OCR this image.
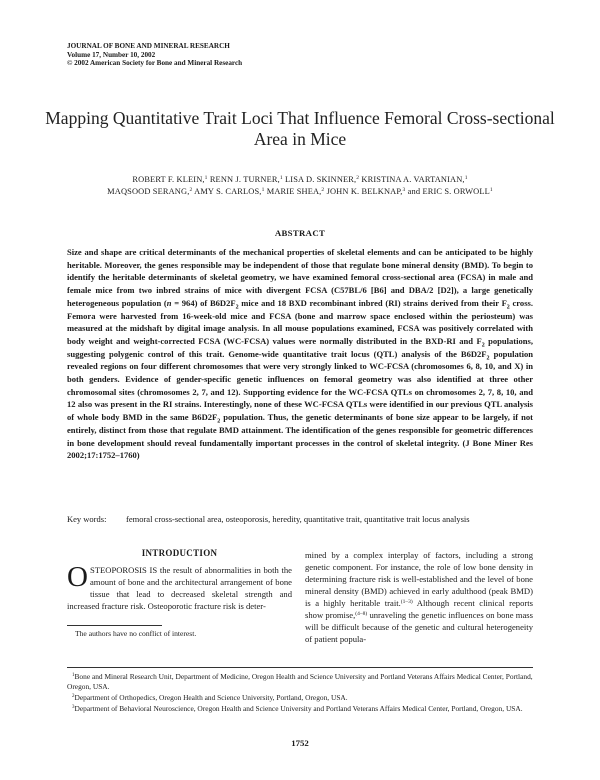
JOURNAL OF BONE AND MINERAL RESEARCH
Volume 17, Number 10, 2002
© 2002 American Society for Bone and Mineral Research
Mapping Quantitative Trait Loci That Influence Femoral Cross-sectional Area in Mice
ROBERT F. KLEIN,$^1$ RENN J. TURNER,$^1$ LISA D. SKINNER,$^2$ KRISTINA A. VARTANIAN,$^1$
MAQSOOD SERANG,$^2$ AMY S. CARLOS,$^1$ MARIE SHEA,$^2$ JOHN K. BELKNAP,$^3$ and ERIC S. ORWOLL$^1$
ABSTRACT
Size and shape are critical determinants of the mechanical properties of skeletal elements and can be anticipated to be highly heritable. Moreover, the genes responsible may be independent of those that regulate bone mineral density (BMD). To begin to identify the heritable determinants of skeletal geometry, we have examined femoral cross-sectional area (FCSA) in male and female mice from two inbred strains of mice with divergent FCSA (C57BL/6 [B6] and DBA/2 [D2]), a large genetically heterogeneous population (n = 964) of $B6D2F_2$ mice and 18 BXD recombinant inbred (RI) strains derived from their $F_2$ cross. Femora were harvested from 16-week-old mice and FCSA (bone and marrow space enclosed within the periosteum) was measured at the midshaft by digital image analysis. In all mouse populations examined, FCSA was positively correlated with body weight and weight-corrected FCSA (WC-FCSA) values were normally distributed in the BXD-RI and $F_2$ populations, suggesting polygenic control of this trait. Genome-wide quantitative trait locus (QTL) analysis of the $B6D2F_2$ population revealed regions on four different chromosomes that were very strongly linked to WC-FCSA (chromosomes 6, 8, 10, and X) in both genders. Evidence of gender-specific genetic influences on femoral geometry was also identified at three other chromosomal sites (chromosomes 2, 7, and 12). Supporting evidence for the WC-FCSA QTLs on chromosomes 2, 7, 8, 10, and 12 also was present in the RI strains. Interestingly, none of these WC-FCSA QTLs were identified in our previous QTL analysis of whole body BMD in the same $B6D2F_2$ population. Thus, the genetic determinants of bone size appear to be largely, if not entirely, distinct from those that regulate BMD attainment. The identification of the genes responsible for geometric differences in bone development should reveal fundamentally important processes in the control of skeletal integrity. (J Bone Miner Res 2002;17:1752–1760)
Key words: femoral cross-sectional area, osteoporosis, heredity, quantitative trait, quantitative trait locus analysis
INTRODUCTION
OSTEOPOROSIS IS the result of abnormalities in both the amount of bone and the architectural arrangement of bone tissue that lead to decreased skeletal strength and increased fracture risk. Osteoporotic fracture risk is deter-
The authors have no conflict of interest.
mined by a complex interplay of factors, including a strong genetic component. For instance, the role of low bone density in determining fracture risk is well-established and the level of bone mineral density (BMD) achieved in early adulthood (peak BMD) is a highly heritable trait.$^{(1-3)}$ Although recent clinical reports show promise,$^{(4-8)}$ unraveling the genetic influences on bone mass will be difficult because of the genetic and cultural heterogeneity of patient popula-

$^1$Bone and Mineral Research Unit, Department of Medicine, Oregon Health and Science University and Portland Veterans Affairs Medical Center, Portland, Oregon, USA.

$^2$Department of Orthopedics, Oregon Health and Science University, Portland, Oregon, USA.

$^3$Department of Behavioral Neuroscience, Oregon Health and Science University and Portland Veterans Affairs Medical Center, Portland, Oregon, USA.

1752
